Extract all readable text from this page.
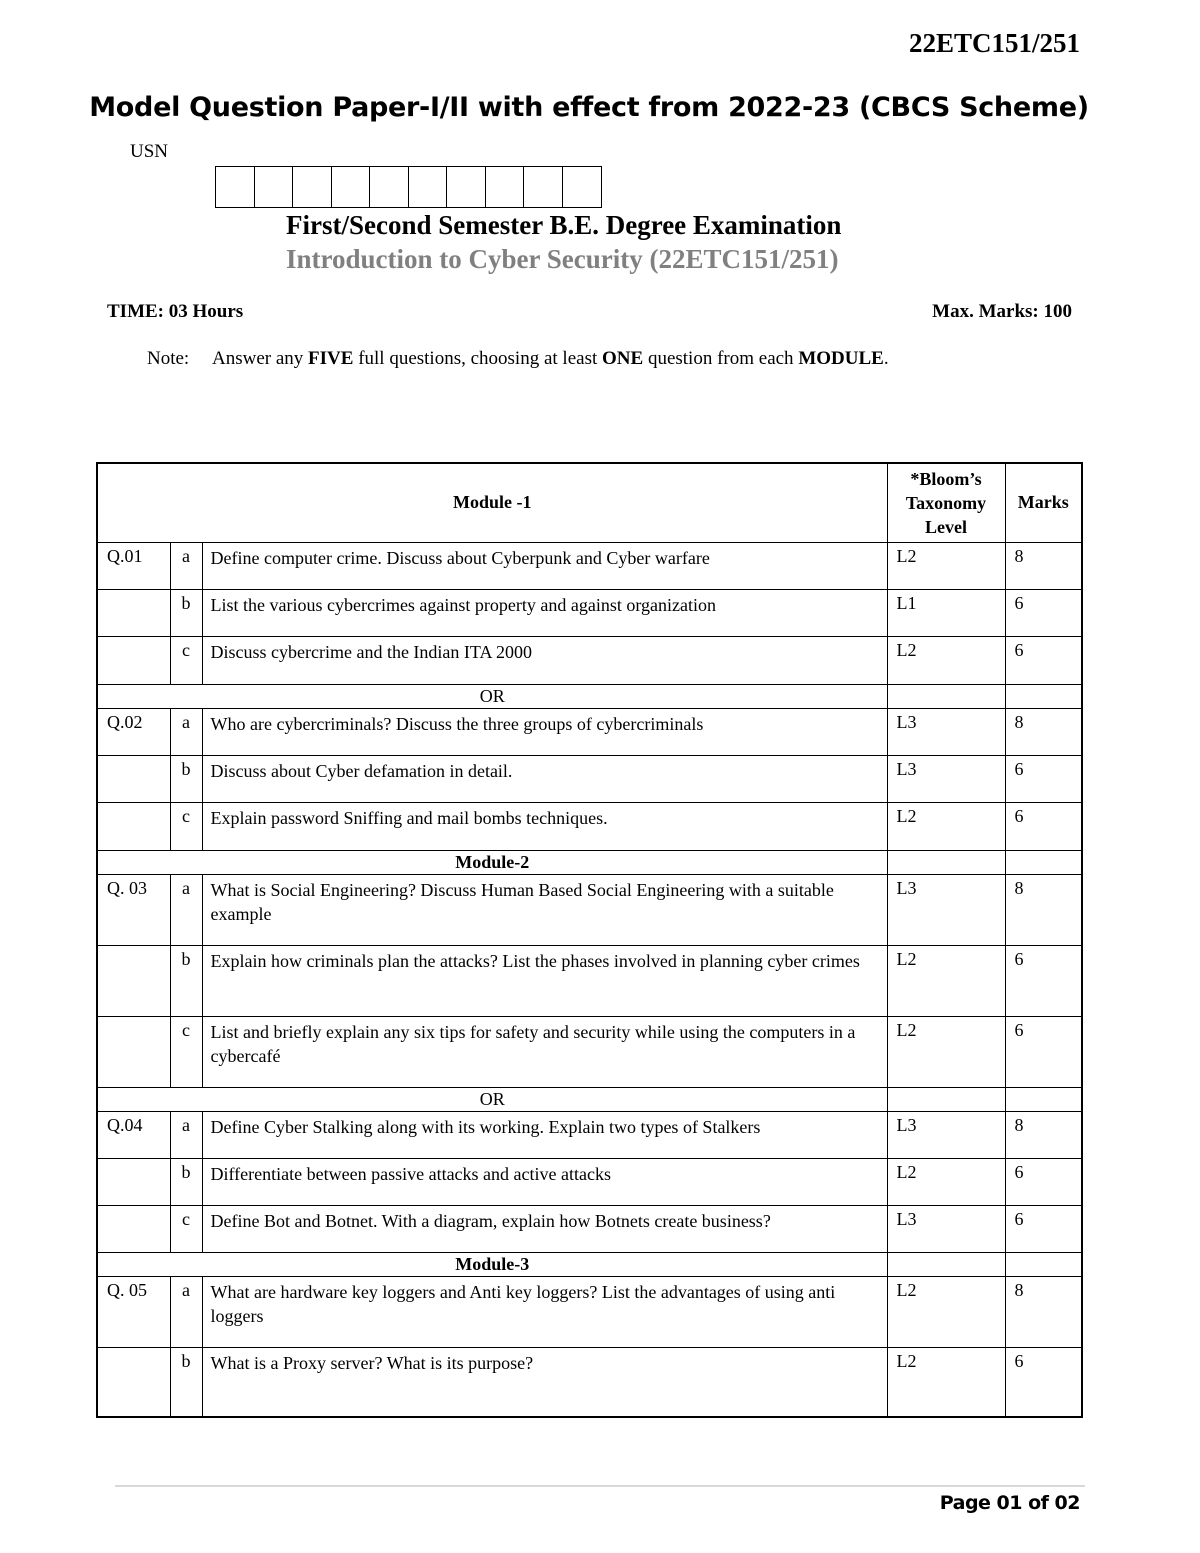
22ETC151/251
Model Question Paper-I/II with effect from 2022-23 (CBCS Scheme)
USN
First/Second Semester B.E. Degree Examination
Introduction to Cyber Security (22ETC151/251)
TIME: 03 Hours	Max. Marks: 100
Note: Answer any FIVE full questions, choosing at least ONE question from each MODULE.
Module -1			*Bloom’s Taxonomy Level	Marks
Q.01	a	Define computer crime. Discuss about Cyberpunk and Cyber warfare	L2	8
	b	List the various cybercrimes against property and against organization	L1	6
	c	Discuss cybercrime and the Indian ITA 2000	L2	6
OR				
Q.02	a	Who are cybercriminals? Discuss the three groups of cybercriminals	L3	8
	b	Discuss about Cyber defamation in detail.	L3	6
	c	Explain password Sniffing and mail bombs techniques.	L2	6
Module-2				
Q. 03	a	What is Social Engineering? Discuss Human Based Social Engineering with a suitable example	L3	8
	b	Explain how criminals plan the attacks? List the phases involved in planning cyber crimes	L2	6
	c	List and briefly explain any six tips for safety and security while using the computers in a cybercafé	L2	6
OR				
Q.04	a	Define Cyber Stalking along with its working. Explain two types of Stalkers	L3	8
	b	Differentiate between passive attacks and active attacks	L2	6
	c	Define Bot and Botnet. With a diagram, explain how Botnets create business?	L3	6
Module-3				
Q. 05	a	What are hardware key loggers and Anti key loggers? List the advantages of using anti loggers	L2	8
	b	What is a Proxy server? What is its purpose?	L2	6
Page 01 of 02
